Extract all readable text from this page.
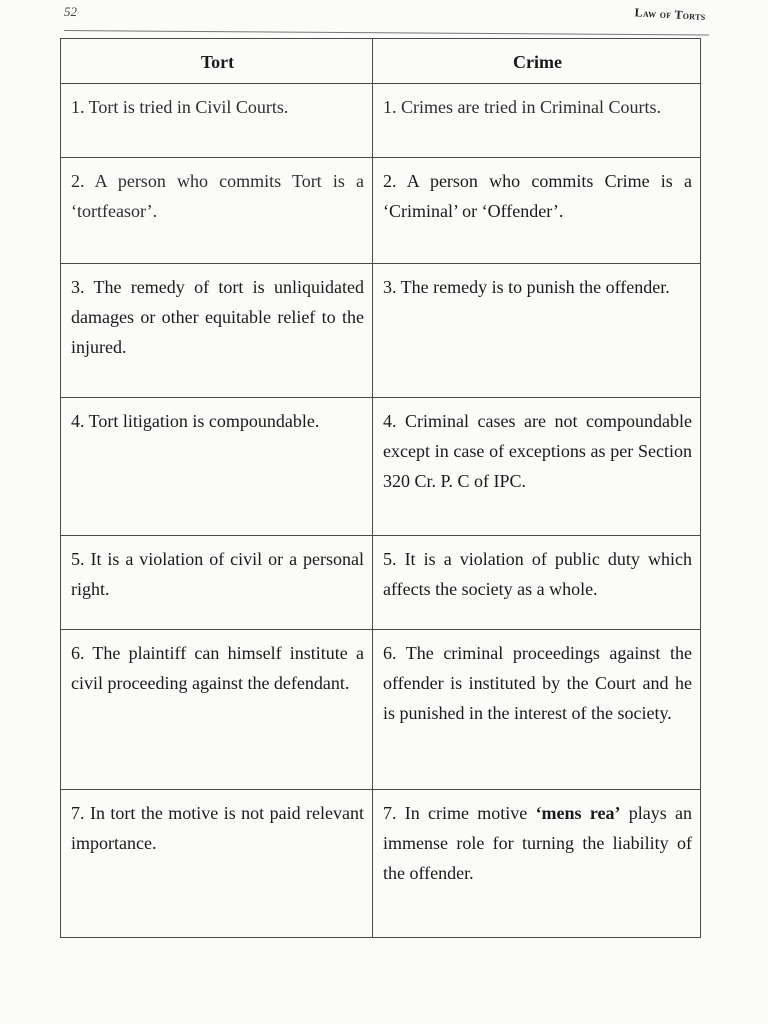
52	Law of Torts
Tort	Crime
1. Tort is tried in Civil Courts.	1. Crimes are tried in Criminal Courts.
2. A person who commits Tort is a ‘tortfeasor’.	2. A person who commits Crime is a ‘Criminal’ or ‘Offender’.
3. The remedy of tort is unliquidated damages or other equitable relief to the injured.	3. The remedy is to punish the offender.
4. Tort litigation is compoundable.	4. Criminal cases are not compoundable except in case of exceptions as per Section 320 Cr. P. C of IPC.
5. It is a violation of civil or a personal right.	5. It is a violation of public duty which affects the society as a whole.
6. The plaintiff can himself institute a civil proceeding against the defendant.	6. The criminal proceedings against the offender is instituted by the Court and he is punished in the interest of the society.
7. In tort the motive is not paid relevant importance.	7. In crime motive ‘mens rea’ plays an immense role for turning the liability of the offender.
